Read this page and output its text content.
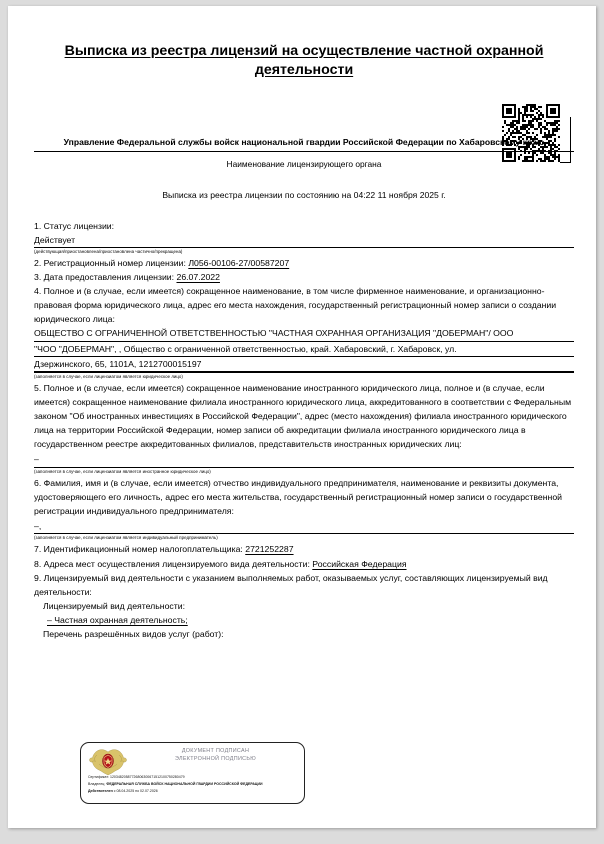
Выписка из реестра лицензий на осуществление частной охранной
деятельности
Управление Федеральной службы войск национальной гвардии Российской Федерации по Хабаровскому краю
Наименование лицензирующего органа
Выписка из реестра лицензии по состоянию на 04:22 11 ноября 2025 г.
1. Статус лицензии:
Действует
(действующая/приостановлена/приостановлена частично/прекращена)
2. Регистрационный номер лицензии: Л056-00106-27/00587207
3. Дата предоставления лицензии: 26.07.2022
4. Полное и (в случае, если имеется) сокращенное наименование, в том числе фирменное наименование, и организационно-правовая форма юридического лица, адрес его места нахождения, государственный регистрационный номер записи о создании юридического лица:
ОБЩЕСТВО С ОГРАНИЧЕННОЙ ОТВЕТСТВЕННОСТЬЮ "ЧАСТНАЯ ОХРАННАЯ ОРГАНИЗАЦИЯ "ДОБЕРМАН"/ ООО
"ЧОО "ДОБЕРМАН", , Общество с ограниченной ответственностью, край. Хабаровский, г. Хабаровск, ул.
Дзержинского, 65, 1101А, 1212700015197
(заполняется в случае, если лицензиатом является юридическое лицо)
5. Полное и (в случае, если имеется) сокращенное наименование иностранного юридического лица, полное и (в случае, если имеется) сокращенное наименование филиала иностранного юридического лица, аккредитованного в соответствии с Федеральным законом "Об иностранных инвестициях в Российской Федерации", адрес (место нахождения) филиала иностранного юридического лица на территории Российской Федерации, номер записи об аккредитации филиала иностранного юридического лица в государственном реестре аккредитованных филиалов, представительств иностранных юридических лиц:
–
(заполняется в случае, если лицензиатом является иностранное юридическое лицо)
6. Фамилия, имя и (в случае, если имеется) отчество индивидуального предпринимателя, наименование и реквизиты документа, удостоверяющего его личность, адрес его места жительства, государственный регистрационный номер записи о государственной регистрации индивидуального предпринимателя:
–,
(заполняется в случае, если лицензиатом является индивидуальный предприниматель)
7. Идентификационный номер налогоплательщика: 2721252287
8. Адреса мест осуществления лицензируемого вида деятельности: Российская Федерация
9. Лицензируемый вид деятельности с указанием выполняемых работ, оказываемых услуг, составляющих лицензируемый вид деятельности:
Лицензируемый вид деятельности:
– Частная охранная деятельность;
Перечень разрешённых видов услуг (работ):
ДОКУМЕНТ ПОДПИСАН
ЭЛЕКТРОННОЙ ПОДПИСЬЮ
Сертификат: 12034820587726806300671512100750280479
Владелец: ФЕДЕРАЛЬНАЯ СЛУЖБА ВОЙСК НАЦИОНАЛЬНОЙ ГВАРДИИ РОССИЙСКОЙ ФЕДЕРАЦИИ
Действителен с 08.04.2025 по 02.07.2026
